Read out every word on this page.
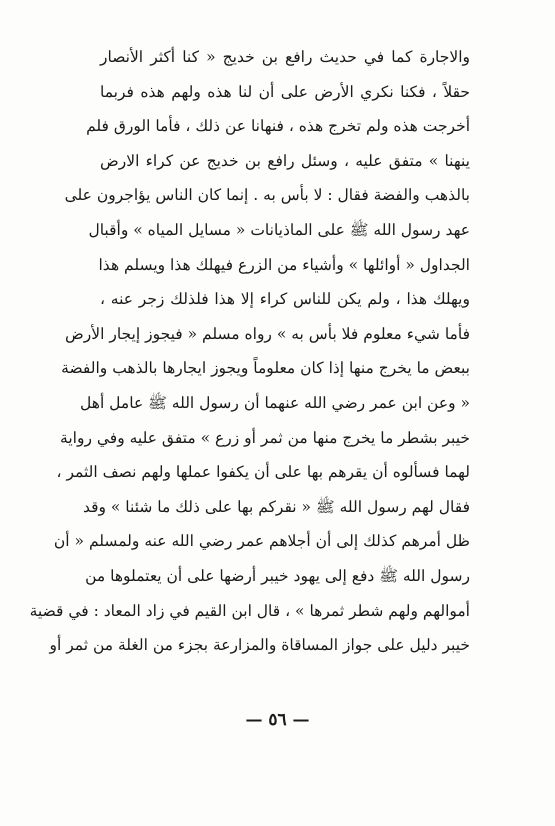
والاجارة كما في حديث رافع بن خديج « كنا أكثر الأنصار
حقلاً ، فكنا نكري الأرض على أن لنا هذه ولهم هذه فربما
أخرجت هذه ولم تخرج هذه ، فنهانا عن ذلك ، فأما الورق فلم
ينهنا » متفق عليه ، وسئل رافع بن خديج عن كراء الارض
بالذهب والفضة فقال : لا بأس به . إنما كان الناس يؤاجرون على
عهد رسول الله ﷺ على الماذيانات « مسايل المياه » وأقبال
الجداول « أوائلها » وأشياء من الزرع فيهلك هذا ويسلم هذا
ويهلك هذا ، ولم يكن للناس كراء إلا هذا فلذلك زجر عنه ،
فأما شيء معلوم فلا بأس به » رواه مسلم « فيجوز إيجار الأرض
ببعض ما يخرج منها إذا كان معلوماً ويجوز ايجارها بالذهب والفضة
« وعن ابن عمر رضي الله عنهما أن رسول الله ﷺ عامل أهل
خيبر بشطر ما يخرج منها من ثمر أو زرع » متفق عليه وفي رواية
لهما فسألوه أن يقرهم بها على أن يكفوا عملها ولهم نصف الثمر ،
فقال لهم رسول الله ﷺ « نقركم بها على ذلك ما شئنا » وقد
ظل أمرهم كذلك إلى أن أجلاهم عمر رضي الله عنه ولمسلم « أن
رسول الله ﷺ دفع إلى يهود خيبر أرضها على أن يعتملوها من
أموالهم ولهم شطر ثمرها » ، قال ابن القيم في زاد المعاد : في قضية
خيبر دليل على جواز المساقاة والمزارعة بجزء من الغلة من ثمر أو
— ٥٦ —
